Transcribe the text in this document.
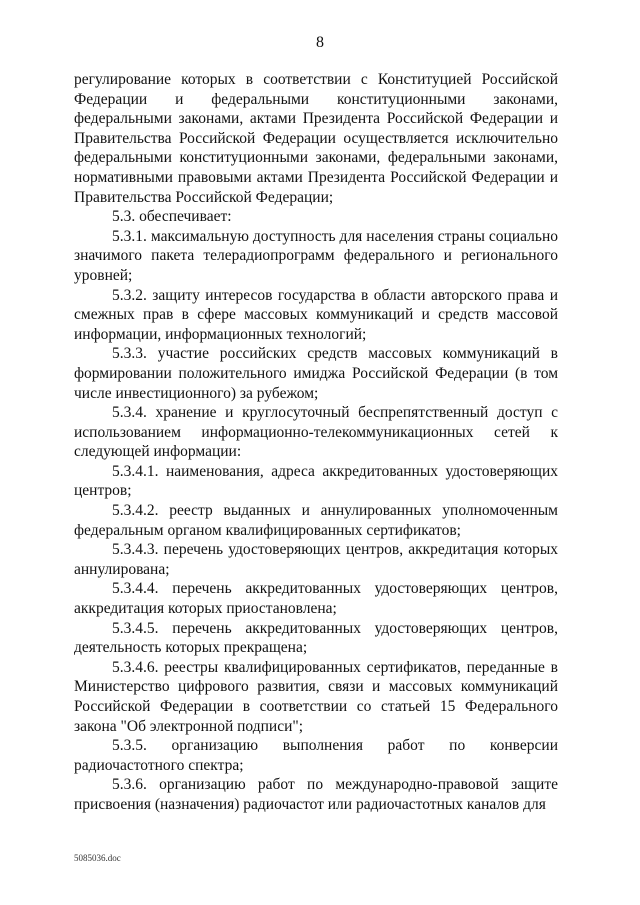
8

регулирование которых в соответствии с Конституцией Российской Федерации и федеральными конституционными законами, федеральными законами, актами Президента Российской Федерации и Правительства Российской Федерации осуществляется исключительно федеральными конституционными законами, федеральными законами, нормативными правовыми актами Президента Российской Федерации и Правительства Российской Федерации;

5.3. обеспечивает:

5.3.1. максимальную доступность для населения страны социально значимого пакета телерадиопрограмм федерального и регионального уровней;

5.3.2. защиту интересов государства в области авторского права и смежных прав в сфере массовых коммуникаций и средств массовой информации, информационных технологий;

5.3.3. участие российских средств массовых коммуникаций в формировании положительного имиджа Российской Федерации (в том числе инвестиционного) за рубежом;

5.3.4. хранение и круглосуточный беспрепятственный доступ с использованием информационно-телекоммуникационных сетей к следующей информации:

5.3.4.1. наименования, адреса аккредитованных удостоверяющих центров;

5.3.4.2. реестр выданных и аннулированных уполномоченным федеральным органом квалифицированных сертификатов;

5.3.4.3. перечень удостоверяющих центров, аккредитация которых аннулирована;

5.3.4.4. перечень аккредитованных удостоверяющих центров, аккредитация которых приостановлена;

5.3.4.5. перечень аккредитованных удостоверяющих центров, деятельность которых прекращена;

5.3.4.6. реестры квалифицированных сертификатов, переданные в Министерство цифрового развития, связи и массовых коммуникаций Российской Федерации в соответствии со статьей 15 Федерального закона "Об электронной подписи";

5.3.5. организацию выполнения работ по конверсии радиочастотного спектра;

5.3.6. организацию работ по международно-правовой защите присвоения (назначения) радиочастот или радиочастотных каналов для

5085036.doc
